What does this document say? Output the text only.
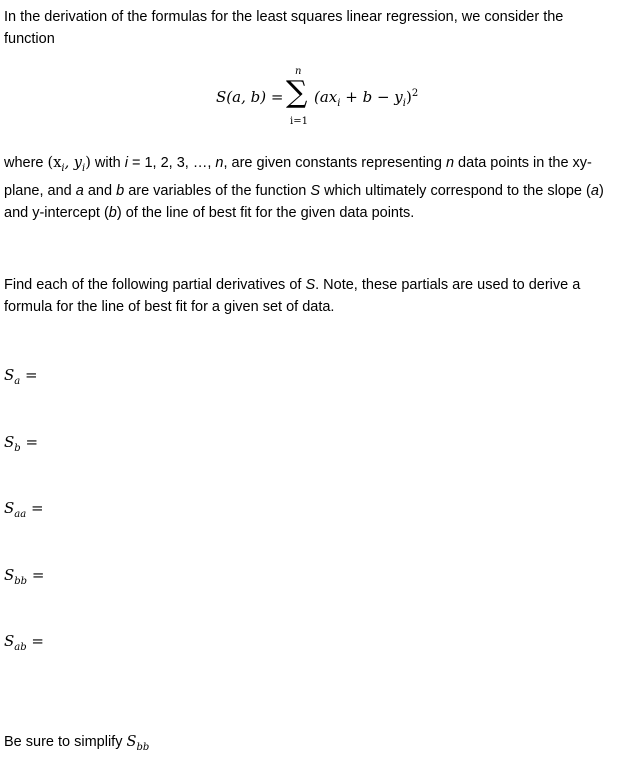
In the derivation of the formulas for the least squares linear regression, we consider the
function
S(a, b) =
n
∑
i=1
$(ax_i + b - y_i)^2$
where ($x_i$, $y_i$) with i = 1, 2, 3, …, n, are given constants representing n data points in the xy-
plane, and a and b are variables of the function S which ultimately correspond to the slope (a)
and y-intercept (b) of the line of best fit for the given data points.
Find each of the following partial derivatives of S. Note, these partials are used to derive a
formula for the line of best fit for a given set of data.
$S_a$ =
$S_b$ =
$S_{aa}$ =
$S_{bb}$ =
$S_{ab}$ =
Be sure to simplify $S_{bb}$
